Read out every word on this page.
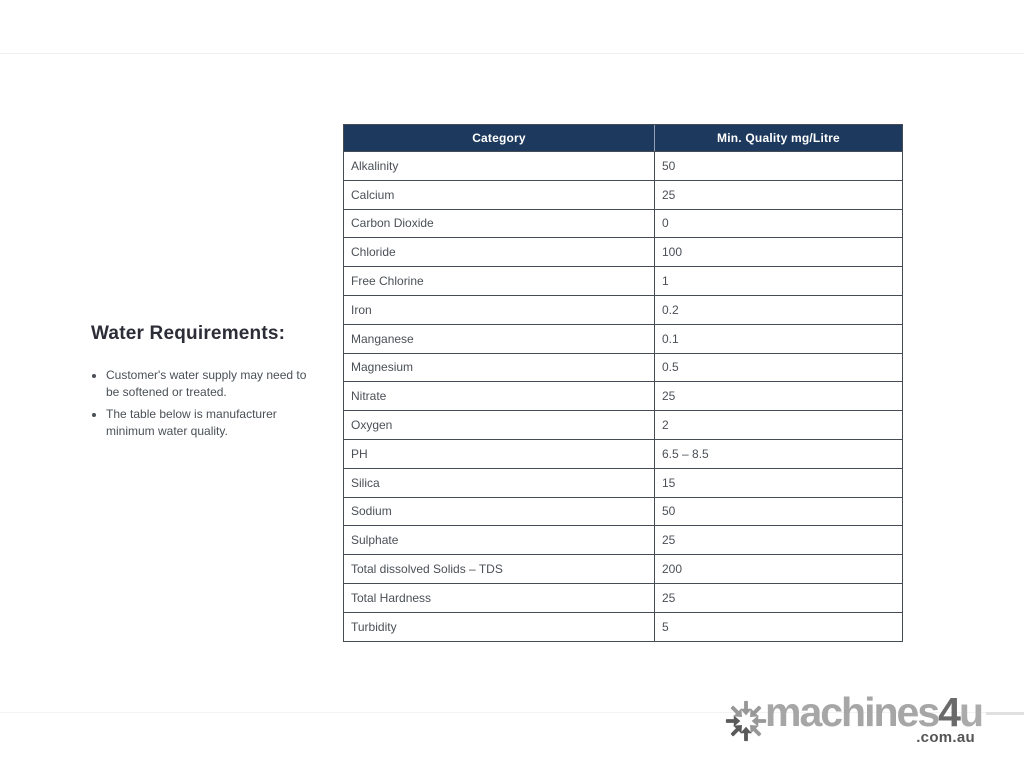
Water Requirements:
• Customer's water supply may need to be softened or treated.
• The table below is manufacturer minimum water quality.
Category	Min. Quality mg/Litre
Alkalinity	50
Calcium	25
Carbon Dioxide	0
Chloride	100
Free Chlorine	1
Iron	0.2
Manganese	0.1
Magnesium	0.5
Nitrate	25
Oxygen	2
PH	6.5 – 8.5
Silica	15
Sodium	50
Sulphate	25
Total dissolved Solids – TDS	200
Total Hardness	25
Turbidity	5
machines4u
.com.au
